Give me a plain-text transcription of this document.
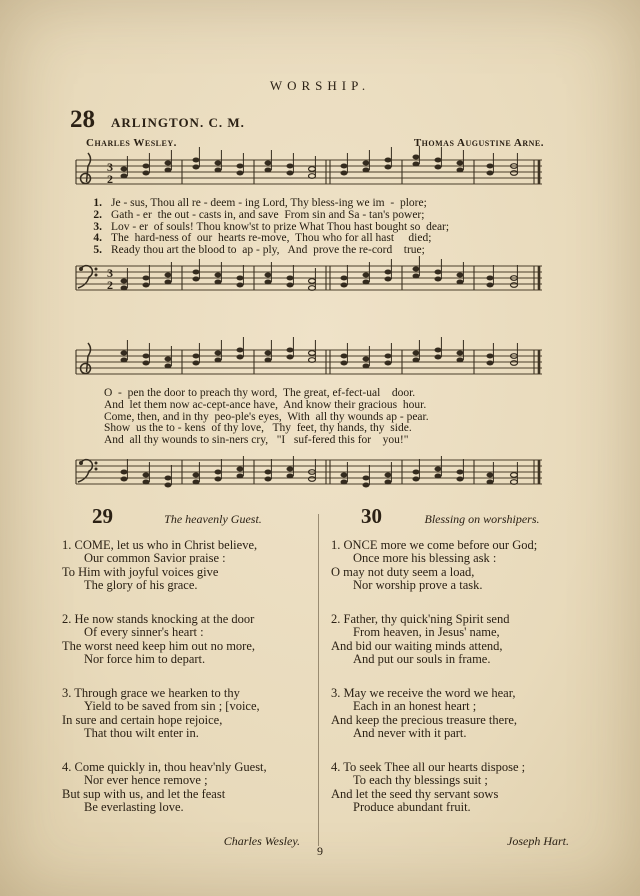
WORSHIP.
28 ARLINGTON. C. M.
Charles Wesley.	Thomas Augustine Arne.
3
2
1. Je - sus, Thou all re - deem - ing Lord, Thy bless-ing we im  -  plore;
2. Gath - er  the out - casts in, and save  From sin and Sa - tan's power;
3. Lov - er  of souls! Thou know'st to prize What Thou hast bought so  dear;
4. The  hard-ness of  our  hearts re-move,  Thou who for all hast     died;
5. Ready thou art the blood to  ap - ply,   And  prove the re-cord    true;
3
2
O  -  pen the door to preach thy word,  The great, ef-fect-ual    door.
And  let them now ac-cept-ance have,  And know their gracious  hour.
Come, then, and in thy  peo-ple's eyes,  With  all thy wounds ap - pear.
Show  us the to - kens  of thy love,   Thy  feet, thy hands, thy  side.
And  all thy wounds to sin-ners cry,   "I   suf-fered this for    you!"
29	The heavenly Guest.
1. COME, let us who in Christ believe,
Our common Savior praise :
To Him with joyful voices give
The glory of his grace.
2. He now stands knocking at the door
Of every sinner's heart :
The worst need keep him out no more,
Nor force him to depart.
3. Through grace we hearken to thy
Yield to be saved from sin ; [voice,
In sure and certain hope rejoice,
That thou wilt enter in.
4. Come quickly in, thou heav'nly Guest,
Nor ever hence remove ;
But sup with us, and let the feast
Be everlasting love.
Charles Wesley.
30	Blessing on worshipers.
1. ONCE more we come before our God;
Once more his blessing ask :
O may not duty seem a load,
Nor worship prove a task.
2. Father, thy quick'ning Spirit send
From heaven, in Jesus' name,
And bid our waiting minds attend,
And put our souls in frame.
3. May we receive the word we hear,
Each in an honest heart ;
And keep the precious treasure there,
And never with it part.
4. To seek Thee all our hearts dispose ;
To each thy blessings suit ;
And let the seed thy servant sows
Produce abundant fruit.
Joseph Hart.
9
